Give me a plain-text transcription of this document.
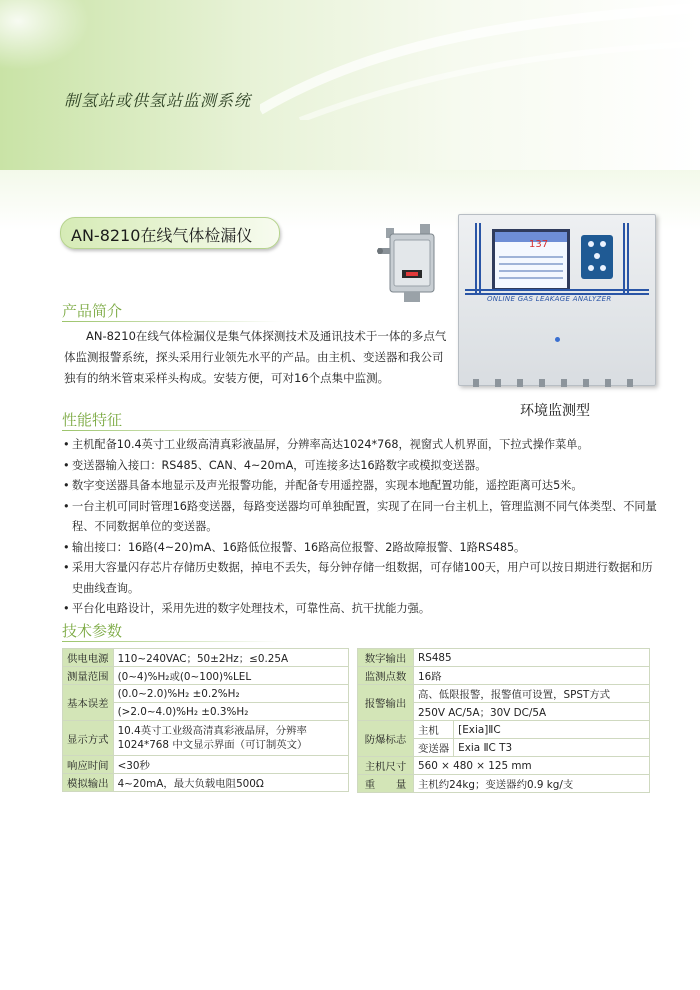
制氢站或供氢站监测系统
AN-8210在线气体检漏仪	137
ONLINE GAS LEAKAGE ANALYZER
环境监测型
产品简介
AN-8210在线气体检漏仪是集气体探测技术及通讯技术于一体的多点气体监测报警系统，探头采用行业领先水平的产品。由主机、变送器和我公司独有的纳米管束采样头构成。安装方便，可对16个点集中监测。
性能特征
• 主机配备10.4英寸工业级高清真彩液晶屏，分辨率高达1024*768，视窗式人机界面，下拉式操作菜单。
• 变送器输入接口：RS485、CAN、4~20mA，可连接多达16路数字或模拟变送器。
• 数字变送器具备本地显示及声光报警功能，并配备专用遥控器，实现本地配置功能，遥控距离可达5米。
• 一台主机可同时管理16路变送器，每路变送器均可单独配置，实现了在同一台主机上，管理监测不同气体类型、不同量程、不同数据单位的变送器。
• 输出接口：16路(4~20)mA、16路低位报警、16路高位报警、2路故障报警、1路RS485。
• 采用大容量闪存芯片存储历史数据，掉电不丢失，每分钟存储一组数据，可存储100天，用户可以按日期进行数据和历史曲线查询。
• 平台化电路设计，采用先进的数字处理技术，可靠性高、抗干扰能力强。
技术参数
供电电源	110~240VAC；50±2Hz；≤0.25A
测量范围	(0~4)%H₂或(0~100)%LEL
基本误差	(0.0~2.0)%H₂ ±0.2%H₂
	(>2.0~4.0)%H₂ ±0.3%H₂
显示方式	10.4英寸工业级高清真彩液晶屏，分辨率1024*768 中文显示界面（可订制英文）
响应时间	<30秒
模拟输出	4~20mA，最大负载电阻500Ω
数字输出	RS485	
监测点数	16路	
报警输出	高、低限报警，报警值可设置，SPST方式	
	250V AC/5A；30V DC/5A	
防爆标志	主机	[Exia]ⅡC
	变送器	Exia ⅡC T3
主机尺寸	560 × 480 × 125 mm	
重　　量	主机约24kg；变送器约0.9 kg/支	
